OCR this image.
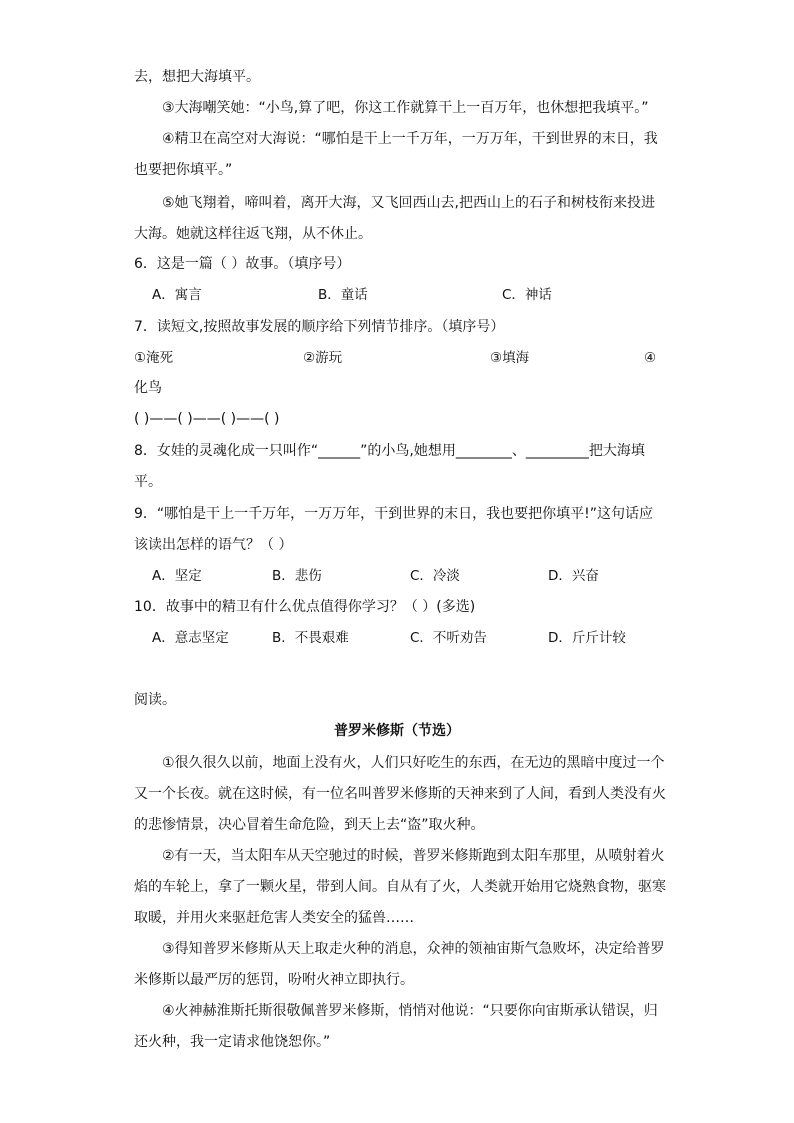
去，想把大海填平。
③大海嘲笑她：“小鸟,算了吧，你这工作就算干上一百万年，也休想把我填平。”
④精卫在高空对大海说：“哪怕是干上一千万年，一万万年，干到世界的末日，我
也要把你填平。”
⑤她飞翔着，啼叫着，离开大海，又飞回西山去,把西山上的石子和树枝衔来投进
大海。她就这样往返飞翔，从不休止。
6．这是一篇（ ）故事。（填序号）
A．寓言	B．童话	C．神话
7．读短文,按照故事发展的顺序给下列情节排序。（填序号）
①淹死	②游玩	③填海	④
化鸟
( )——( )——( )——( )
8．女娃的灵魂化成一只叫作“______”的小鸟,她想用________、_________把大海填
平。
9．“哪怕是干上一千万年，一万万年，干到世界的末日，我也要把你填平!”这句话应
该读出怎样的语气？（ ）
A．坚定	B．悲伤	C．冷淡	D．兴奋
10．故事中的精卫有什么优点值得你学习？（ ）(多选)
A．意志坚定	B．不畏艰难	C．不听劝告	D．斤斤计较
阅读。
普罗米修斯（节选）
①很久很久以前，地面上没有火，人们只好吃生的东西，在无边的黑暗中度过一个
又一个长夜。就在这时候，有一位名叫普罗米修斯的天神来到了人间，看到人类没有火
的悲惨情景，决心冒着生命危险，到天上去“盗”取火种。
②有一天，当太阳车从天空驰过的时候，普罗米修斯跑到太阳车那里，从喷射着火
焰的车轮上，拿了一颗火星，带到人间。自从有了火，人类就开始用它烧熟食物，驱寒
取暖，并用火来驱赶危害人类安全的猛兽……
③得知普罗米修斯从天上取走火种的消息，众神的领袖宙斯气急败坏，决定给普罗
米修斯以最严厉的惩罚，吩咐火神立即执行。
④火神赫淮斯托斯很敬佩普罗米修斯，悄悄对他说：“只要你向宙斯承认错误，归
还火种，我一定请求他饶恕你。”
